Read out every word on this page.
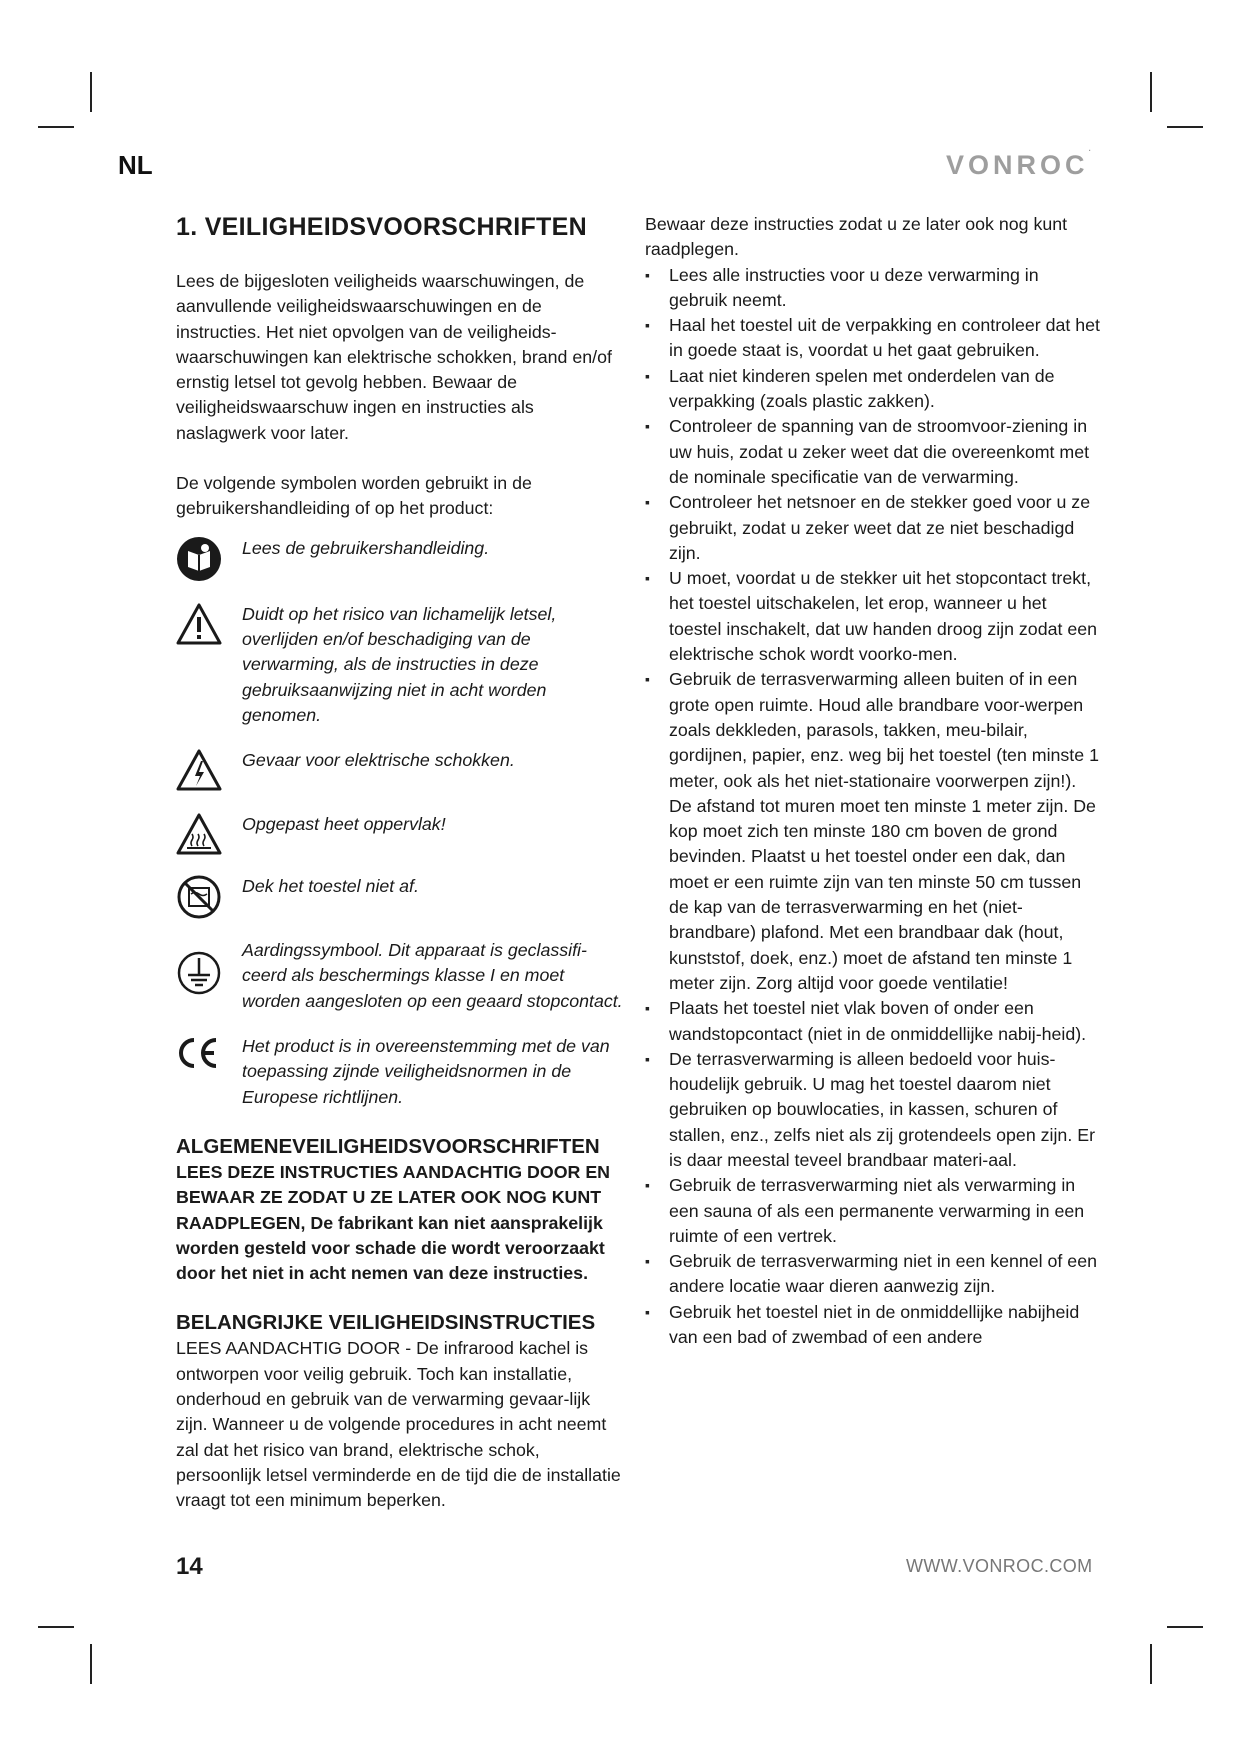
NL	VONROC·
1. VEILIGHEIDSVOORSCHRIFTEN

Lees de bijgesloten veiligheids waarschuwingen, de aanvullende veiligheidswaarschuwingen en de instructies. Het niet opvolgen van de veiligheids-waarschuwingen kan elektrische schokken, brand en/of ernstig letsel tot gevolg hebben. Bewaar de veiligheidswaarschuw ingen en instructies als naslagwerk voor later.

De volgende symbolen worden gebruikt in de gebruikershandleiding of op het product:

Lees de gebruikershandleiding.
Duidt op het risico van lichamelijk letsel, overlijden en/of beschadiging van de verwarming, als de instructies in deze gebruiksaanwijzing niet in acht worden genomen.
Gevaar voor elektrische schokken.
Opgepast heet oppervlak!
Dek het toestel niet af.
Aardingssymbool. Dit apparaat is geclassifi-ceerd als beschermings klasse I en moet worden aangesloten op een geaard stopcontact.
Het product is in overeenstemming met de van toepassing zijnde veiligheidsnormen in de Europese richtlijnen.
ALGEMENEVEILIGHEIDSVOORSCHRIFTEN

LEES DEZE INSTRUCTIES AANDACHTIG DOOR EN BEWAAR ZE ZODAT U ZE LATER OOK NOG KUNT RAADPLEGEN, De fabrikant kan niet aansprakelijk worden gesteld voor schade die wordt veroorzaakt door het niet in acht nemen van deze instructies.

BELANGRIJKE VEILIGHEIDSINSTRUCTIES

LEES AANDACHTIG DOOR - De infrarood kachel is ontworpen voor veilig gebruik. Toch kan installatie, onderhoud en gebruik van de verwarming gevaar-lijk zijn. Wanneer u de volgende procedures in acht neemt zal dat het risico van brand, elektrische schok, persoonlijk letsel verminderde en de tijd die de installatie vraagt tot een minimum beperken.

Bewaar deze instructies zodat u ze later ook nog kunt raadplegen.

▪ Lees alle instructies voor u deze verwarming in gebruik neemt.
▪ Haal het toestel uit de verpakking en controleer dat het in goede staat is, voordat u het gaat gebruiken.
▪ Laat niet kinderen spelen met onderdelen van de verpakking (zoals plastic zakken).
▪ Controleer de spanning van de stroomvoor-ziening in uw huis, zodat u zeker weet dat die overeenkomt met de nominale specificatie van de verwarming.
▪ Controleer het netsnoer en de stekker goed voor u ze gebruikt, zodat u zeker weet dat ze niet beschadigd zijn.
▪ U moet, voordat u de stekker uit het stopcontact trekt, het toestel uitschakelen, let erop, wanneer u het toestel inschakelt, dat uw handen droog zijn zodat een elektrische schok wordt voorko-men.
▪ Gebruik de terrasverwarming alleen buiten of in een grote open ruimte. Houd alle brandbare voor-werpen zoals dekkleden, parasols, takken, meu-bilair, gordijnen, papier, enz. weg bij het toestel (ten minste 1 meter, ook als het niet-stationaire voorwerpen zijn!). De afstand tot muren moet ten minste 1 meter zijn. De kop moet zich ten minste 180 cm boven de grond bevinden. Plaatst u het toestel onder een dak, dan moet er een ruimte zijn van ten minste 50 cm tussen de kap van de terrasverwarming en het (niet-brandbare) plafond. Met een brandbaar dak (hout, kunststof, doek, enz.) moet de afstand ten minste 1 meter zijn. Zorg altijd voor goede ventilatie!
▪ Plaats het toestel niet vlak boven of onder een wandstopcontact (niet in de onmiddellijke nabij-heid).
▪ De terrasverwarming is alleen bedoeld voor huis-houdelijk gebruik. U mag het toestel daarom niet gebruiken op bouwlocaties, in kassen, schuren of stallen, enz., zelfs niet als zij grotendeels open zijn. Er is daar meestal teveel brandbaar materi-aal.
▪ Gebruik de terrasverwarming niet als verwarming in een sauna of als een permanente verwarming in een ruimte of een vertrek.
▪ Gebruik de terrasverwarming niet in een kennel of een andere locatie waar dieren aanwezig zijn.
▪ Gebruik het toestel niet in de onmiddellijke nabijheid van een bad of zwembad of een andere
14	WWW.VONROC.COM
